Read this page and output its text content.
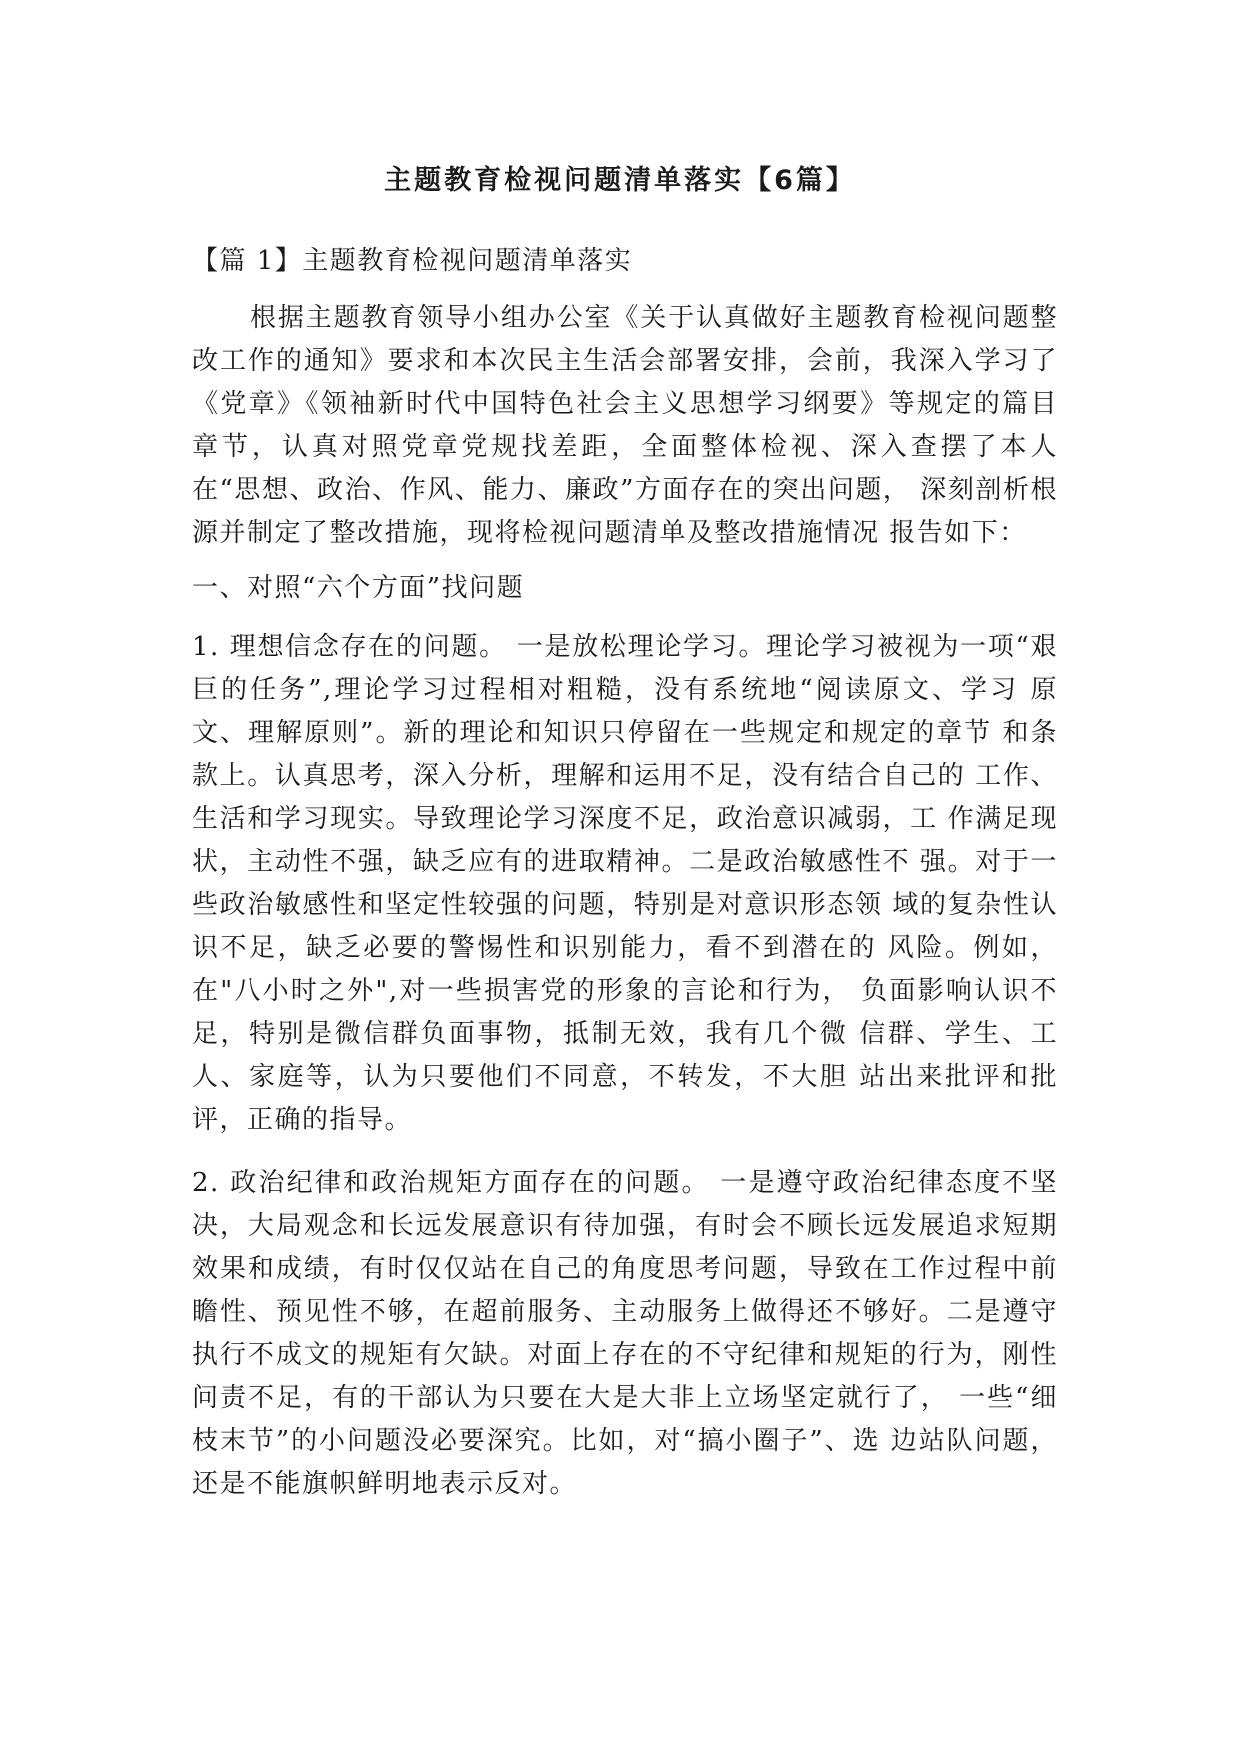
主题教育检视问题清单落实【6篇】

【篇 1】主题教育检视问题清单落实

根据主题教育领导小组办公室《关于认真做好主题教育检视问题整改工作的通知》要求和本次民主生活会部署安排，会前，我深入学习了《党章》《领袖新时代中国特色社会主义思想学习纲要》等规定的篇目章节，认真对照党章党规找差距，全面整体检视、深入查摆了本人在“思想、政治、作风、能力、廉政”方面存在的突出问题， 深刻剖析根源并制定了整改措施，现将检视问题清单及整改措施情况 报告如下：

一、对照“六个方面”找问题

1. 理想信念存在的问题。 一是放松理论学习。理论学习被视为一项“艰 巨的任务”,理论学习过程相对粗糙，没有系统地“阅读原文、学习 原文、理解原则”。新的理论和知识只停留在一些规定和规定的章节 和条款上。认真思考，深入分析，理解和运用不足，没有结合自己的 工作、生活和学习现实。导致理论学习深度不足，政治意识减弱，工 作满足现状，主动性不强，缺乏应有的进取精神。二是政治敏感性不 强。对于一些政治敏感性和坚定性较强的问题，特别是对意识形态领 域的复杂性认识不足，缺乏必要的警惕性和识别能力，看不到潜在的 风险。例如，在"八小时之外",对一些损害党的形象的言论和行为， 负面影响认识不足，特别是微信群负面事物，抵制无效，我有几个微 信群、学生、工人、家庭等，认为只要他们不同意，不转发，不大胆 站出来批评和批评，正确的指导。

2. 政治纪律和政治规矩方面存在的问题。 一是遵守政治纪律态度不坚决，大局观念和长远发展意识有待加强，有时会不顾长远发展追求短期效果和成绩，有时仅仅站在自己的角度思考问题，导致在工作过程中前瞻性、预见性不够，在超前服务、主动服务上做得还不够好。二是遵守执行不成文的规矩有欠缺。对面上存在的不守纪律和规矩的行为，刚性问责不足，有的干部认为只要在大是大非上立场坚定就行了， 一些“细枝末节”的小问题没必要深究。比如，对“搞小圈子”、选 边站队问题，还是不能旗帜鲜明地表示反对。
